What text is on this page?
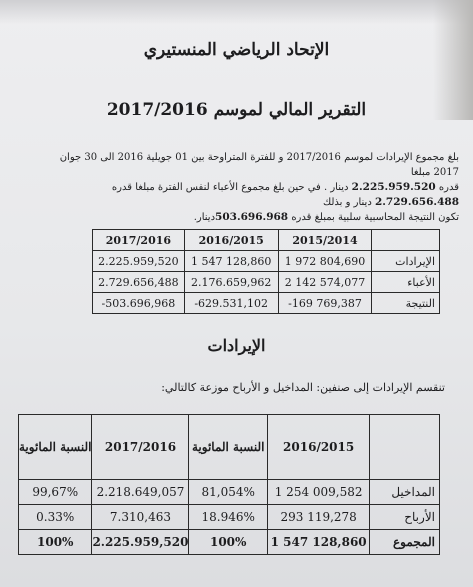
الإتحاد الرياضي المنستيري
التقرير المالي لموسم 2017/2016
بلغ مجموع الإيرادات لموسم 2017/2016 و للفترة المتراوحة بين 01 جويلية 2016 الى 30 جوان 2017 مبلغا
قدره 2.225.959.520 دينار . في حين بلغ مجموع الأعباء لنفس الفترة مبلغا قدره 2.729.656.488 دينار و بذلك
تكون النتيجة المحاسبية سلبية بمبلغ قدره 503.696.968دينار.
2017/2016	2016/2015	2015/2014	
2.225.959,520	1 547 128,860	1 972 804,690	الإيرادات
2.729.656,488	2.176.659,962	2 142 574,077	الأعباء
-503.696,968	-629.531,102	-169 769,387	النتيجة
الإيرادات
تنقسم الإيرادات إلى صنفين: المداخيل و الأرباح موزعة كالتالي:
النسبة المائوية	2017/2016	النسبة المائوية	2016/2015	
99,67%	2.218.649,057	81,054%	1 254 009,582	المداخيل
0.33%	7.310,463	18.946%	293 119,278	الأرباح
100%	2.225.959,520	100%	1 547 128,860	المجموع
